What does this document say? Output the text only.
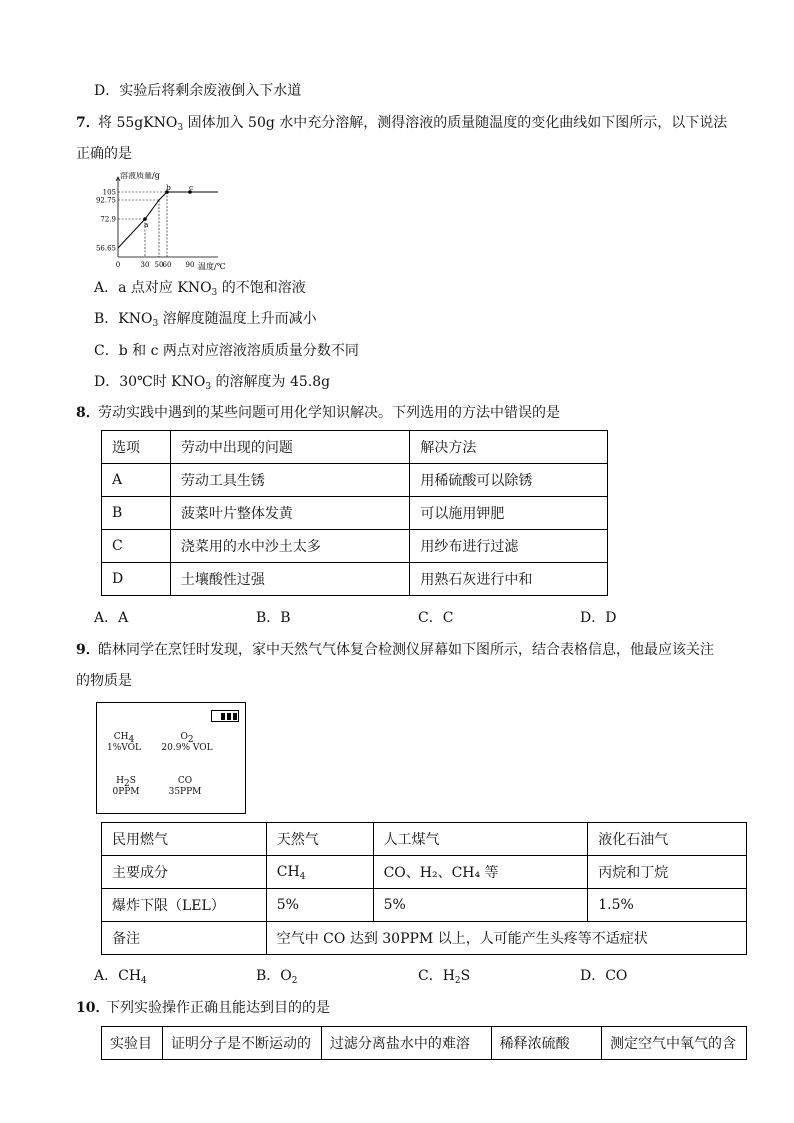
D．实验后将剩余废液倒入下水道
7．
将 55gKNO$_3$ 固体加入 50g 水中充分溶解，测得溶液的质量随温度的变化曲线如下图所示，以下说法
正确的是
溶液质量/g
温度/℃
56.65
72.9
92.75
105
0	30 50 60 90
a
b c
A．a 点对应 $KNO_3$ 的不饱和溶液
B．$KNO_3$ 溶解度随温度上升而减小
C．b 和 c 两点对应溶液溶质质量分数不同
D．30℃时 $KNO_3$ 的溶解度为 45.8g
8．
劳动实践中遇到的某些问题可用化学知识解决。下列选用的方法中错误的是
选项	劳动中出现的问题	解决方法
A	劳动工具生锈	用稀硫酸可以除锈
B	菠菜叶片整体发黄	可以施用钾肥
C	浇菜用的水中沙土太多	用纱布进行过滤
D	土壤酸性过强	用熟石灰进行中和
A．A	B．B	C．C	D．D
9．
皓林同学在烹饪时发现，家中天然气气体复合检测仪屏幕如下图所示，结合表格信息，他最应该关注
的物质是
$CH_4$
1%VOL
$O_2$
20.9% VOL
$H_2S$
0PPM
CO
35PPM
民用燃气	天然气	人工煤气	液化石油气
主要成分	$CH_4$	CO、H₂、CH₄ 等	丙烷和丁烷
爆炸下限（LEL）	5%	5%	1.5%
备注	空气中 CO 达到 30PPM 以上，人可能产生头疼等不适症状		
A．$CH_4$	B．$O_2$	C．$H_2S$	D．CO
10．
下列实验操作正确且能达到目的的是
实验目	证明分子是不断运动的	过滤分离盐水中的难溶	稀释浓硫酸	测定空气中氧气的含
